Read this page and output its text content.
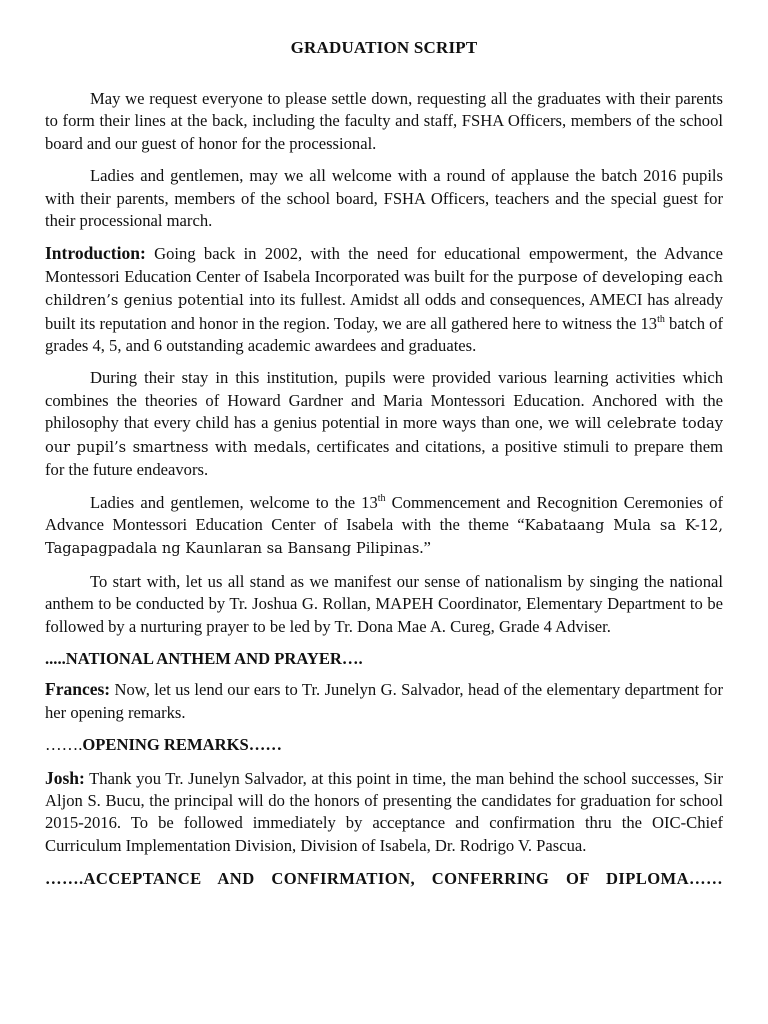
GRADUATION SCRIPT

May we request everyone to please settle down, requesting all the graduates with their parents to form their lines at the back, including the faculty and staff, FSHA Officers, members of the school board and our guest of honor for the processional.

Ladies and gentlemen, may we all welcome with a round of applause the batch 2016 pupils with their parents, members of the school board, FSHA Officers, teachers and the special guest for their processional march.

Introduction: Going back in 2002, with the need for educational empowerment, the Advance Montessori Education Center of Isabela Incorporated was built for the purpose of developing each children’s genius potential into its fullest. Amidst all odds and consequences, AMECI has already built its reputation and honor in the region. Today, we are all gathered here to witness the 13th batch of grades 4, 5, and 6 outstanding academic awardees and graduates.

During their stay in this institution, pupils were provided various learning activities which combines the theories of Howard Gardner and Maria Montessori Education. Anchored with the philosophy that every child has a genius potential in more ways than one, we will celebrate today our pupil’s smartness with medals, certificates and citations, a positive stimuli to prepare them for the future endeavors.

Ladies and gentlemen, welcome to the 13th Commencement and Recognition Ceremonies of Advance Montessori Education Center of Isabela with the theme “Kabataang Mula sa K-12, Tagapagpadala ng Kaunlaran sa Bansang Pilipinas.”

To start with, let us all stand as we manifest our sense of nationalism by singing the national anthem to be conducted by Tr. Joshua G. Rollan, MAPEH Coordinator, Elementary Department to be followed by a nurturing prayer to be led by Tr. Dona Mae A. Cureg, Grade 4 Adviser.

.....NATIONAL ANTHEM AND PRAYER….

Frances: Now, let us lend our ears to Tr. Junelyn G. Salvador, head of the elementary department for her opening remarks.

…….OPENING REMARKS……

Josh: Thank you Tr. Junelyn Salvador, at this point in time, the man behind the school successes, Sir Aljon S. Bucu, the principal will do the honors of presenting the candidates for graduation for school 2015-2016. To be followed immediately by acceptance and confirmation thru the OIC-Chief Curriculum Implementation Division, Division of Isabela, Dr. Rodrigo V. Pascua.

…….ACCEPTANCE AND CONFIRMATION, CONFERRING OF DIPLOMA……
